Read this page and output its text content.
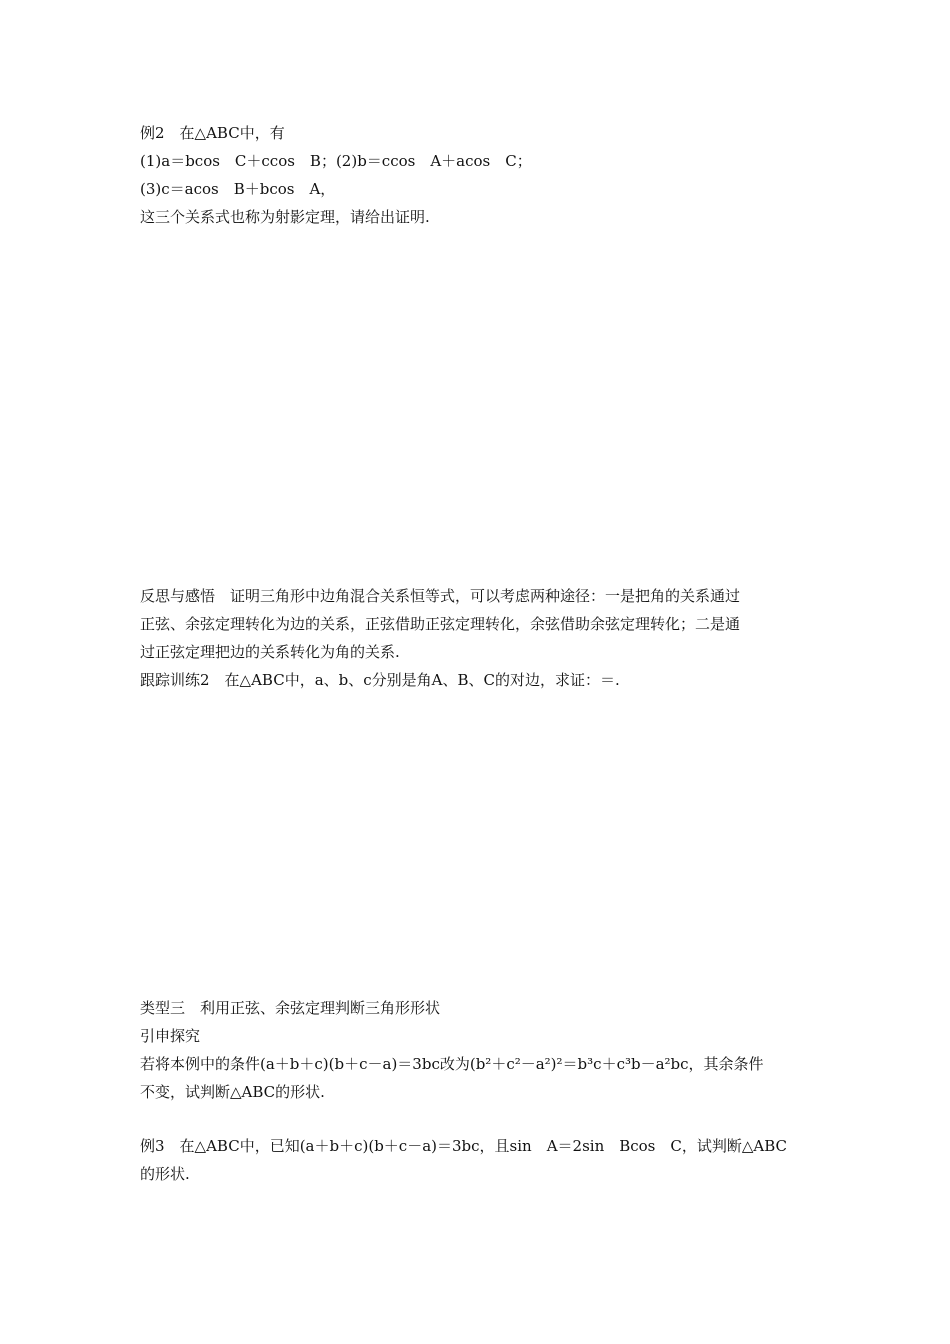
例2　在△ABC中，有
(1)a＝bcos　C＋ccos　B；(2)b＝ccos　A＋acos　C；
(3)c＝acos　B＋bcos　A，
这三个关系式也称为射影定理，请给出证明.
反思与感悟　证明三角形中边角混合关系恒等式，可以考虑两种途径：一是把角的关系通过
正弦、余弦定理转化为边的关系，正弦借助正弦定理转化，余弦借助余弦定理转化；二是通
过正弦定理把边的关系转化为角的关系.
跟踪训练2　在△ABC中，a、b、c分别是角A、B、C的对边，求证：＝.
类型三　利用正弦、余弦定理判断三角形形状
引申探究
若将本例中的条件(a＋b＋c)(b＋c－a)＝3bc改为(b²＋c²－a²)²＝b³c＋c³b－a²bc，其余条件
不变，试判断△ABC的形状.
例3　在△ABC中，已知(a＋b＋c)(b＋c－a)＝3bc，且sin　A＝2sin　Bcos　C，试判断△ABC
的形状.
